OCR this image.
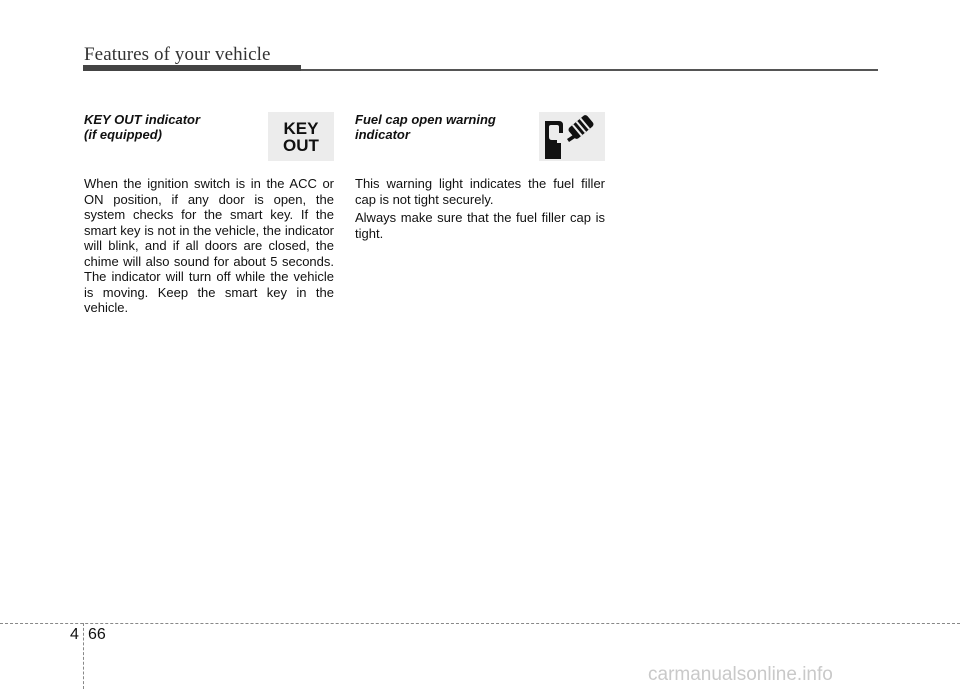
Features of your vehicle

KEY OUT indicator
(if equipped)	KEY
OUT

When the ignition switch is in the ACC or ON position, if any door is open, the system checks for the smart key. If the smart key is not in the vehicle, the indicator will blink, and if all doors are closed, the chime will also sound for about 5 seconds. The indicator will turn off while the vehicle is moving. Keep the smart key in the vehicle.

Fuel cap open warning
indicator

This warning light indicates the fuel filler cap is not tight securely.

Always make sure that the fuel filler cap is tight.

4 66
carmanualsonline.info
